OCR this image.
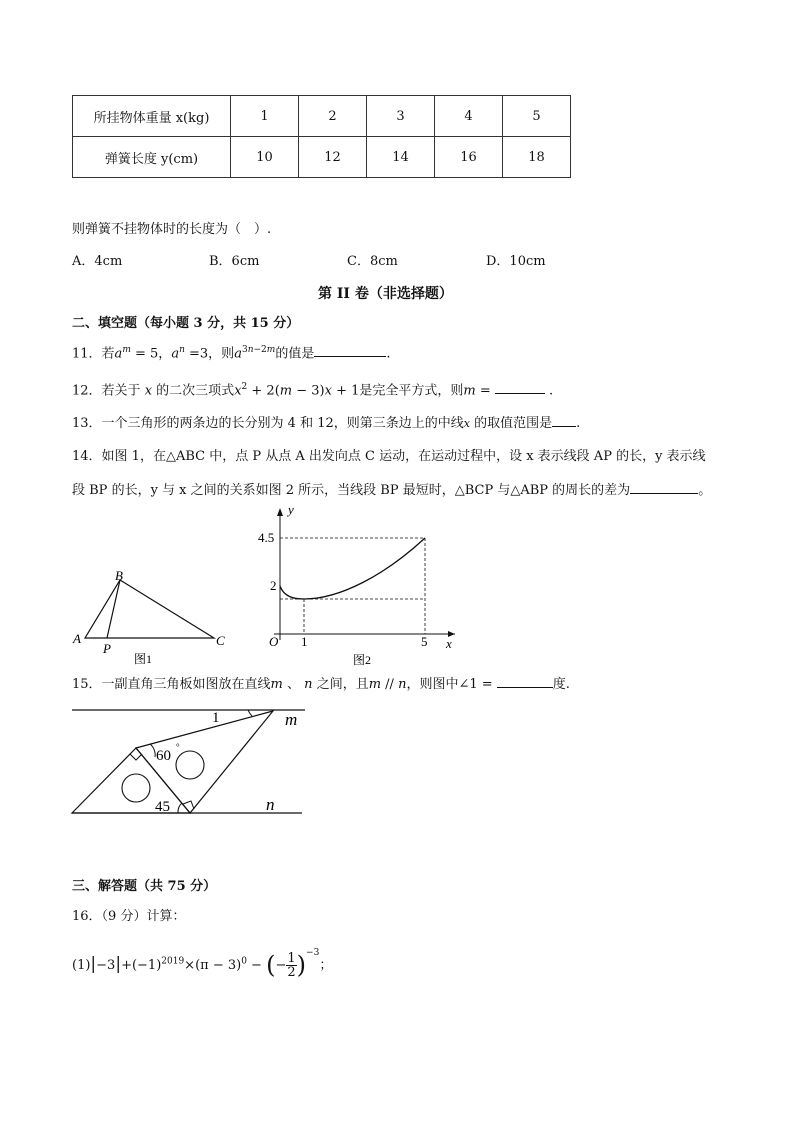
所挂物体重量 x(kg)	1	2	3	4	5
弹簧长度 y(cm)	10	12	14	16	18
则弹簧不挂物体时的长度为（　）.
A．4cm	B．6cm	C．8cm	D．10cm
第 II 卷（非选择题）
二、填空题（每小题 3 分，共 15 分）
11．若$a^m = 5$，$a^n =3$，则$a^{3n-2m}$的值是	.
12．若关于 x 的二次三项式$x^2 + 2(m - 3)x + 1$是完全平方式，则m =	.
13．一个三角形的两条边的长分别为 4 和 12，则第三条边上的中线x 的取值范围是 .
14．如图 1，在△ABC 中，点 P 从点 A 出发向点 C 运动，在运动过程中，设 x 表示线段 AP 的长，y 表示线
段 BP 的长，y 与 x 之间的关系如图 2 所示，当线段 BP 最短时，△BCP 与△ABP 的周长的差为	。
A
B
C
P
图1
y
x
O
4.5
2
1	5
图2
15．一副直角三角板如图放在直线m 、 n 之间，且m // n，则图中∠1 =	度.
1
60
°
45
m
n
三、解答题（共 75 分）
16．（9 分）计算：
$(1)|-3|+(-1)^{2019}\times(\pi - 3)^0$ − (− $\frac{1}{2} )^{-3}$；
